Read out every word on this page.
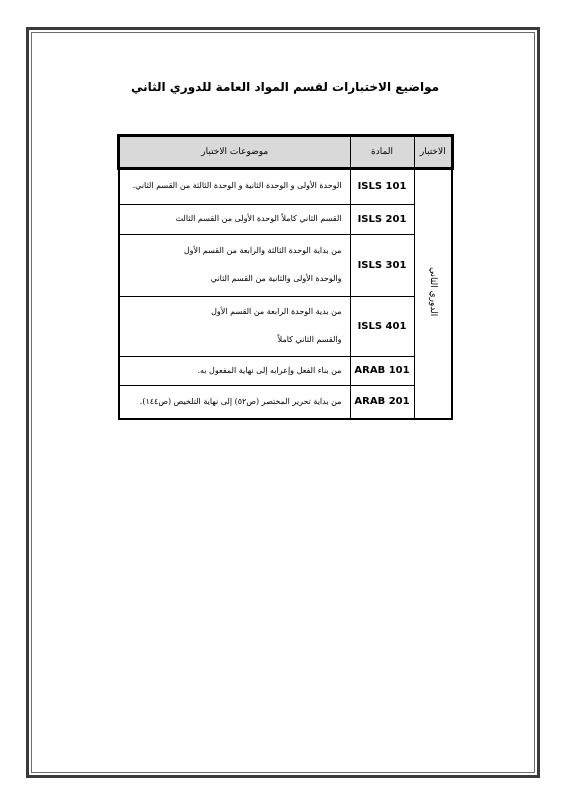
مواضيع الاختبارات لقسم المواد العامة للدوري الثاني
الاختبار	المادة	موضوعات الاختبار
الدوري الثاني	ISLS 101	الوحدة الأولى و الوحدة الثانية و الوحدة الثالثة من القسم الثاني.

	ISLS 201	القسم الثاني كاملاً الوحدة الأولى من القسم الثالث

	ISLS 301	من بداية الوحدة الثالثة والرابعة من القسم الأول
والوحدة الأولى والثانية من القسم الثاني

	ISLS 401	من بدية الوحدة الرابعة من القسم الأول
والقسم الثاني كاملاً

	ARAB 101	من بناء الفعل وإعرابه إلى نهاية المفعول به.

	ARAB 201	من بداية تحرير المختصر (ص٥٢) إلى نهاية التلخيص (ص١٤٤).
